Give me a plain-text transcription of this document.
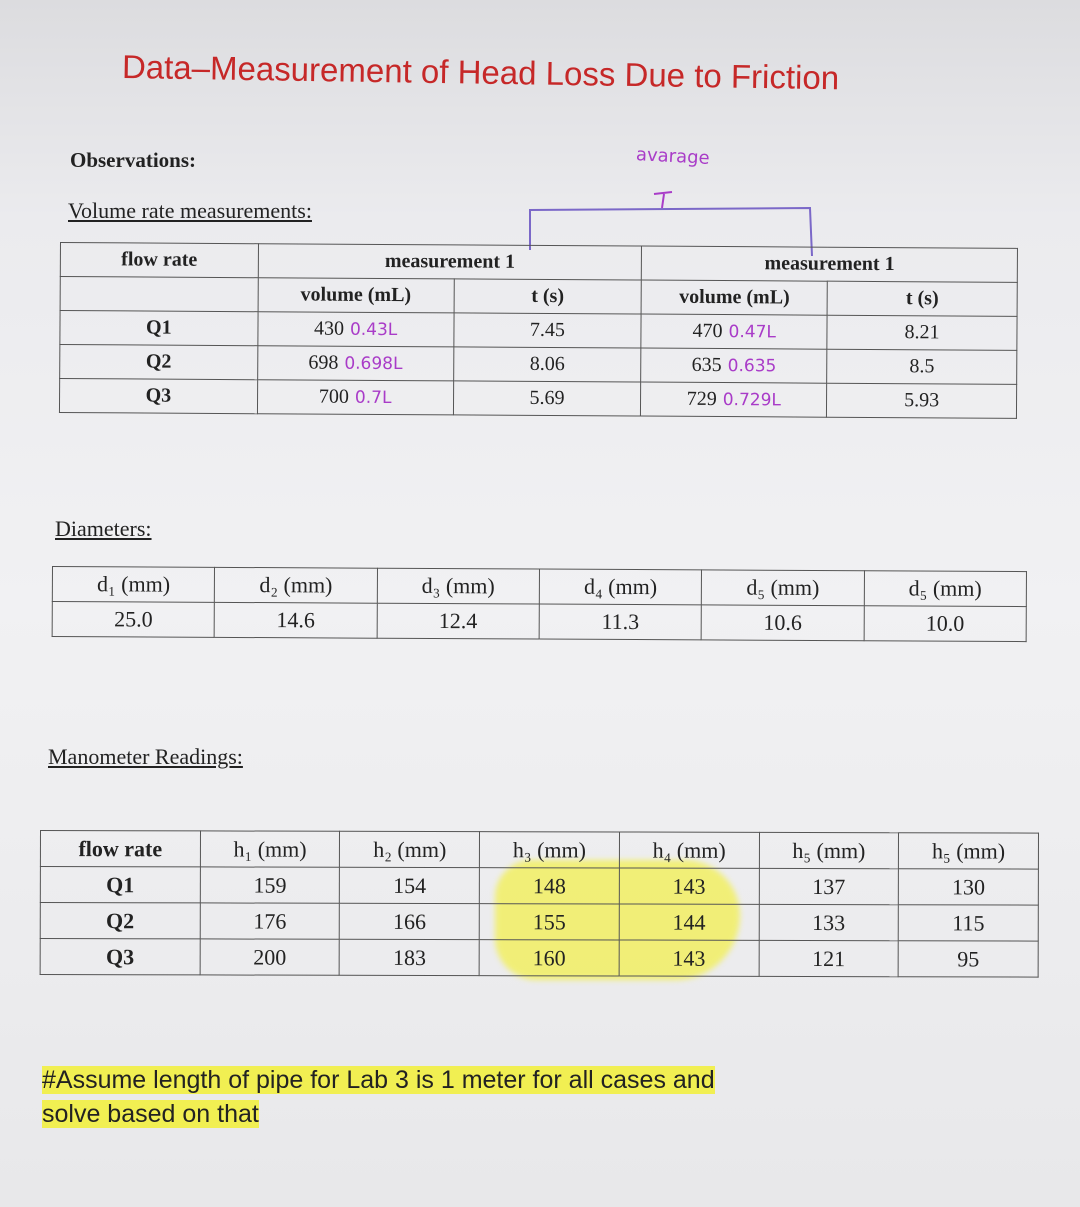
Data–Measurement of Head Loss Due to Friction
Observations:	avarage
Volume rate measurements:
flow rate	measurement 1		measurement 1	
	volume (mL)	t (s)	volume (mL)	t (s)
Q1	430 0.43L	7.45	470 0.47L	8.21
Q2	698 0.698L	8.06	635 0.635	8.5
Q3	700 0.7L	5.69	729 0.729L	5.93
Diameters:
d₁ (mm)	d₂ (mm)	d₃ (mm)	d₄ (mm)	d₅ (mm)	d₅ (mm)
25.0	14.6	12.4	11.3	10.6	10.0
Manometer Readings:
flow rate	h₁ (mm)	h₂ (mm)	h₃ (mm)	h₄ (mm)	h₅ (mm)	h₅ (mm)
Q1	159	154	148	143	137	130
Q2	176	166	155	144	133	115
Q3	200	183	160	143	121	95
#Assume length of pipe for Lab 3 is 1 meter for all cases and
solve based on that
